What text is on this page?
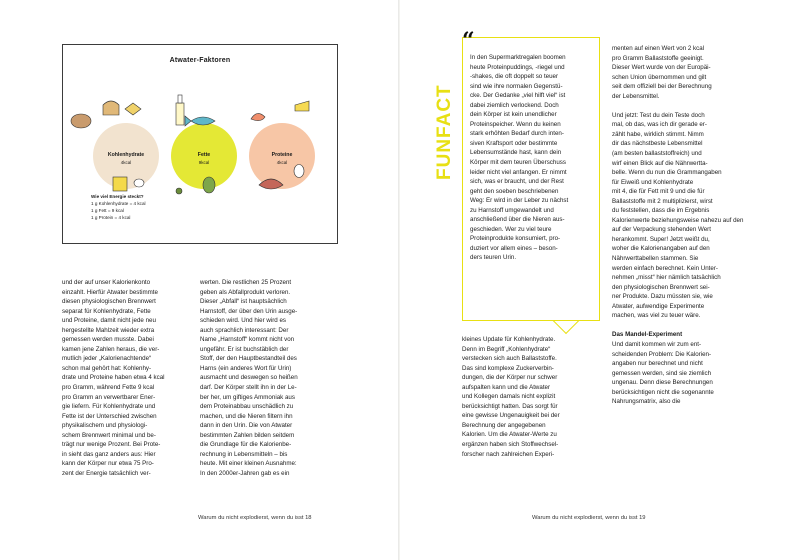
Atwater-Faktoren
Kohlenhydrate
4kcal
Fette
9kcal
Proteine
4kcal
Wie viel Energie steckt?
1 g Kohlenhydrate = 4 kcal
1 g Fett = 9 kcal
1 g Protein = 4 kcal
und der auf unser Kalorienkonto
einzahlt. Hierfür Atwater bestimmte
diesen physiologischen Brennwert
separat für Kohlenhydrate, Fette
und Proteine, damit nicht jede neu
hergestellte Mahlzeit wieder extra
gemessen werden musste. Dabei
kamen jene Zahlen heraus, die ver-
mutlich jeder „Kalorienachtende“
schon mal gehört hat: Kohlenhy-
drate und Proteine haben etwa 4 kcal
pro Gramm, während Fette 9 kcal
pro Gramm an verwertbarer Ener-
gie liefern. Für Kohlenhydrate und
Fette ist der Unterschied zwischen
physikalischem und physiologi-
schem Brennwert minimal und be-
trägt nur wenige Prozent. Bei Prote-
in sieht das ganz anders aus: Hier
kann der Körper nur etwa 75 Pro-
zent der Energie tatsächlich ver-
werten. Die restlichen 25 Prozent
geben als Abfallprodukt verloren.
Dieser „Abfall“ ist hauptsächlich
Harnstoff, der über den Urin ausge-
schieden wird. Und hier wird es
auch sprachlich interessant: Der
Name „Harnstoff“ kommt nicht von
ungefähr. Er ist buchstäblich der
Stoff, der den Hauptbestandteil des
Harns (ein anderes Wort für Urin)
ausmacht und deswegen so heißen
darf. Der Körper stellt ihn in der Le-
ber her, um giftiges Ammoniak aus
dem Proteinabbau unschädlich zu
machen, und die Nieren filtern ihn
dann in den Urin. Die von Atwater
bestimmten Zahlen bilden seitdem
die Grundlage für die Kalorienbe-
rechnung in Lebensmitteln – bis
heute. Mit einer kleinen Ausnahme:
In den 2000er-Jahren gab es ein
Warum du nicht explodierst, wenn du isst 18
FUNFACT
“
In den Supermarktregalen boomen
heute Proteinpuddings, -riegel und
-shakes, die oft doppelt so teuer
sind wie ihre normalen Gegenstü-
cke. Der Gedanke „viel hilft viel“ ist
dabei ziemlich verlockend. Doch
dein Körper ist kein unendlicher
Proteinspeicher. Wenn du keinen
stark erhöhten Bedarf durch inten-
siven Kraftsport oder bestimmte
Lebensumstände hast, kann dein
Körper mit dem teuren Überschuss
leider nicht viel anfangen. Er nimmt
sich, was er braucht, und der Rest
geht den soeben beschriebenen
Weg: Er wird in der Leber zu nächst
zu Harnstoff umgewandelt und
anschließend über die Nieren aus-
geschieden. Wer zu viel teure
Proteinprodukte konsumiert, pro-
duziert vor allem eines – beson-
ders teuren Urin.
kleines Update für Kohlenhydrate.
Denn im Begriff „Kohlenhydrate“
verstecken sich auch Ballaststoffe.
Das sind komplexe Zuckerverbin-
dungen, die der Körper nur schwer
aufspalten kann und die Atwater
und Kollegen damals nicht explizit
berücksichtigt hatten. Das sorgt für
eine gewisse Ungenauigkeit bei der
Berechnung der angegebenen
Kalorien. Um die Atwater-Werte zu
ergänzen haben sich Stoffwechsel-
forscher nach zahlreichen Experi-
menten auf einen Wert von 2 kcal
pro Gramm Ballaststoffe geeinigt.
Dieser Wert wurde von der Europäi-
schen Union übernommen und gilt
seit dem offiziell bei der Berechnung
der Lebensmittel.
Und jetzt: Test du dein Teste doch
mal, ob das, was ich dir gerade er-
zählt habe, wirklich stimmt. Nimm
dir das nächstbeste Lebensmittel
(am besten ballaststoffreich) und
wirf einen Blick auf die Nährwertta-
belle. Wenn du nun die Grammangaben
für Eiweiß und Kohlenhydrate
mit 4, die für Fett mit 9 und die für
Ballaststoffe mit 2 multiplizierst, wirst
du feststellen, dass die im Ergebnis
Kalorienwerte beziehungsweise nahezu auf den
auf der Verpackung stehenden Wert
herankommt. Super! Jetzt weißt du,
woher die Kalorienangaben auf den
Nährwerttabellen stammen. Sie
werden einfach berechnet. Kein Unter-
nehmen „misst“ hier nämlich tatsächlich
den physiologischen Brennwert sei-
ner Produkte. Dazu müssten sie, wie
Atwater, aufwendige Experimente
machen, was viel zu teuer wäre.
Das Mandel-Experiment
Und damit kommen wir zum ent-
scheidenden Problem: Die Kalorien-
angaben nur berechnet und nicht
gemessen werden, sind sie ziemlich
ungenau. Denn diese Berechnungen
berücksichtigen nicht die sogenannte
Nahrungsmatrix, also die
Warum du nicht explodierst, wenn du isst 19
